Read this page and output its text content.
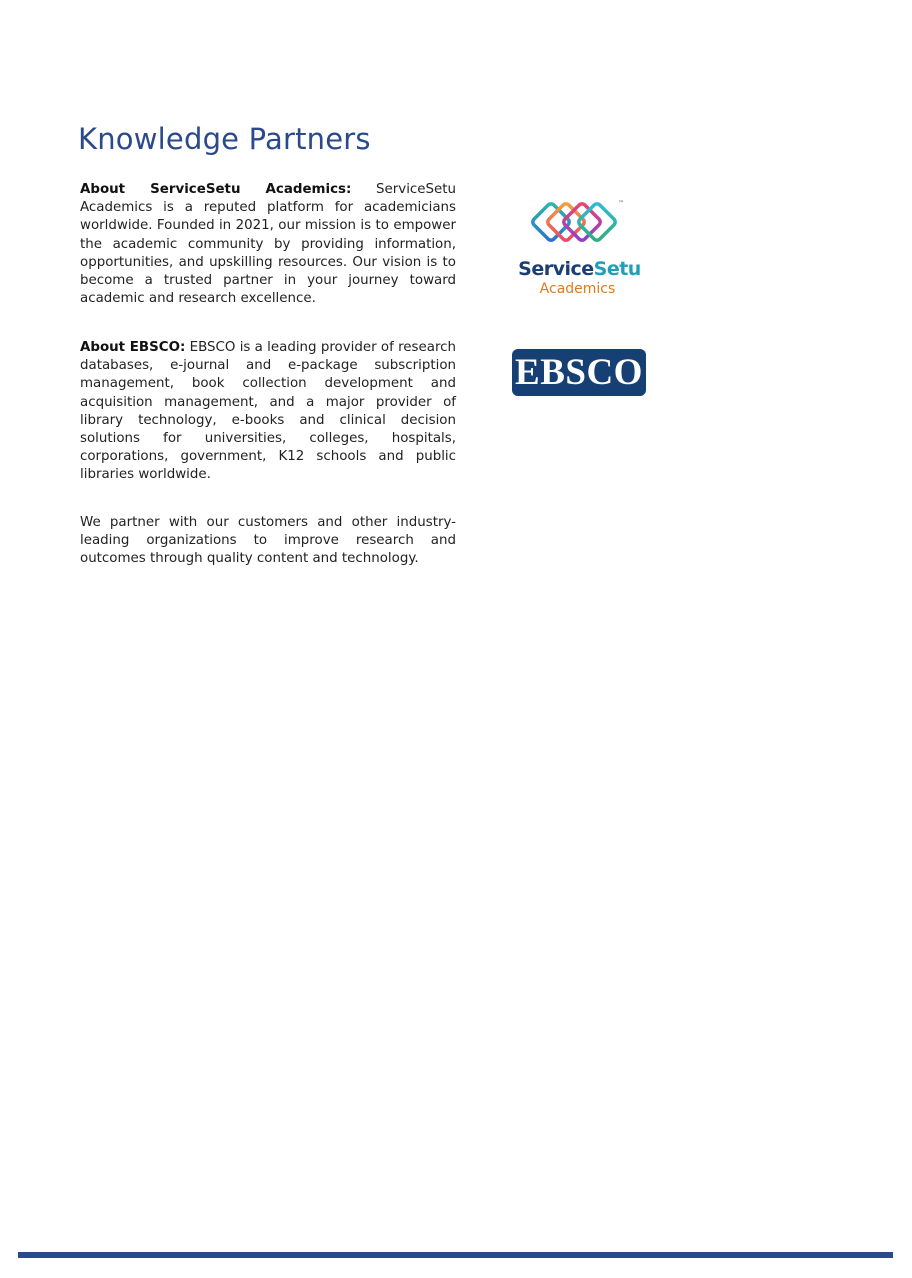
Knowledge Partners

About ServiceSetu Academics: ServiceSetu Academics is a reputed platform for academicians worldwide. Founded in 2021, our mission is to empower the academic community by providing information, opportunities, and upskilling resources. Our vision is to become a trusted partner in your journey toward academic and research excellence.

About EBSCO: EBSCO is a leading provider of research databases, e-journal and e-package subscription management, book collection development and acquisition management, and a major provider of library technology, e-books and clinical decision solutions for universities, colleges, hospitals, corporations, government, K12 schools and public libraries worldwide.

We partner with our customers and other industry-leading organizations to improve research and outcomes through quality content and technology.

™
ServiceSetu
Academics
EBSCO
